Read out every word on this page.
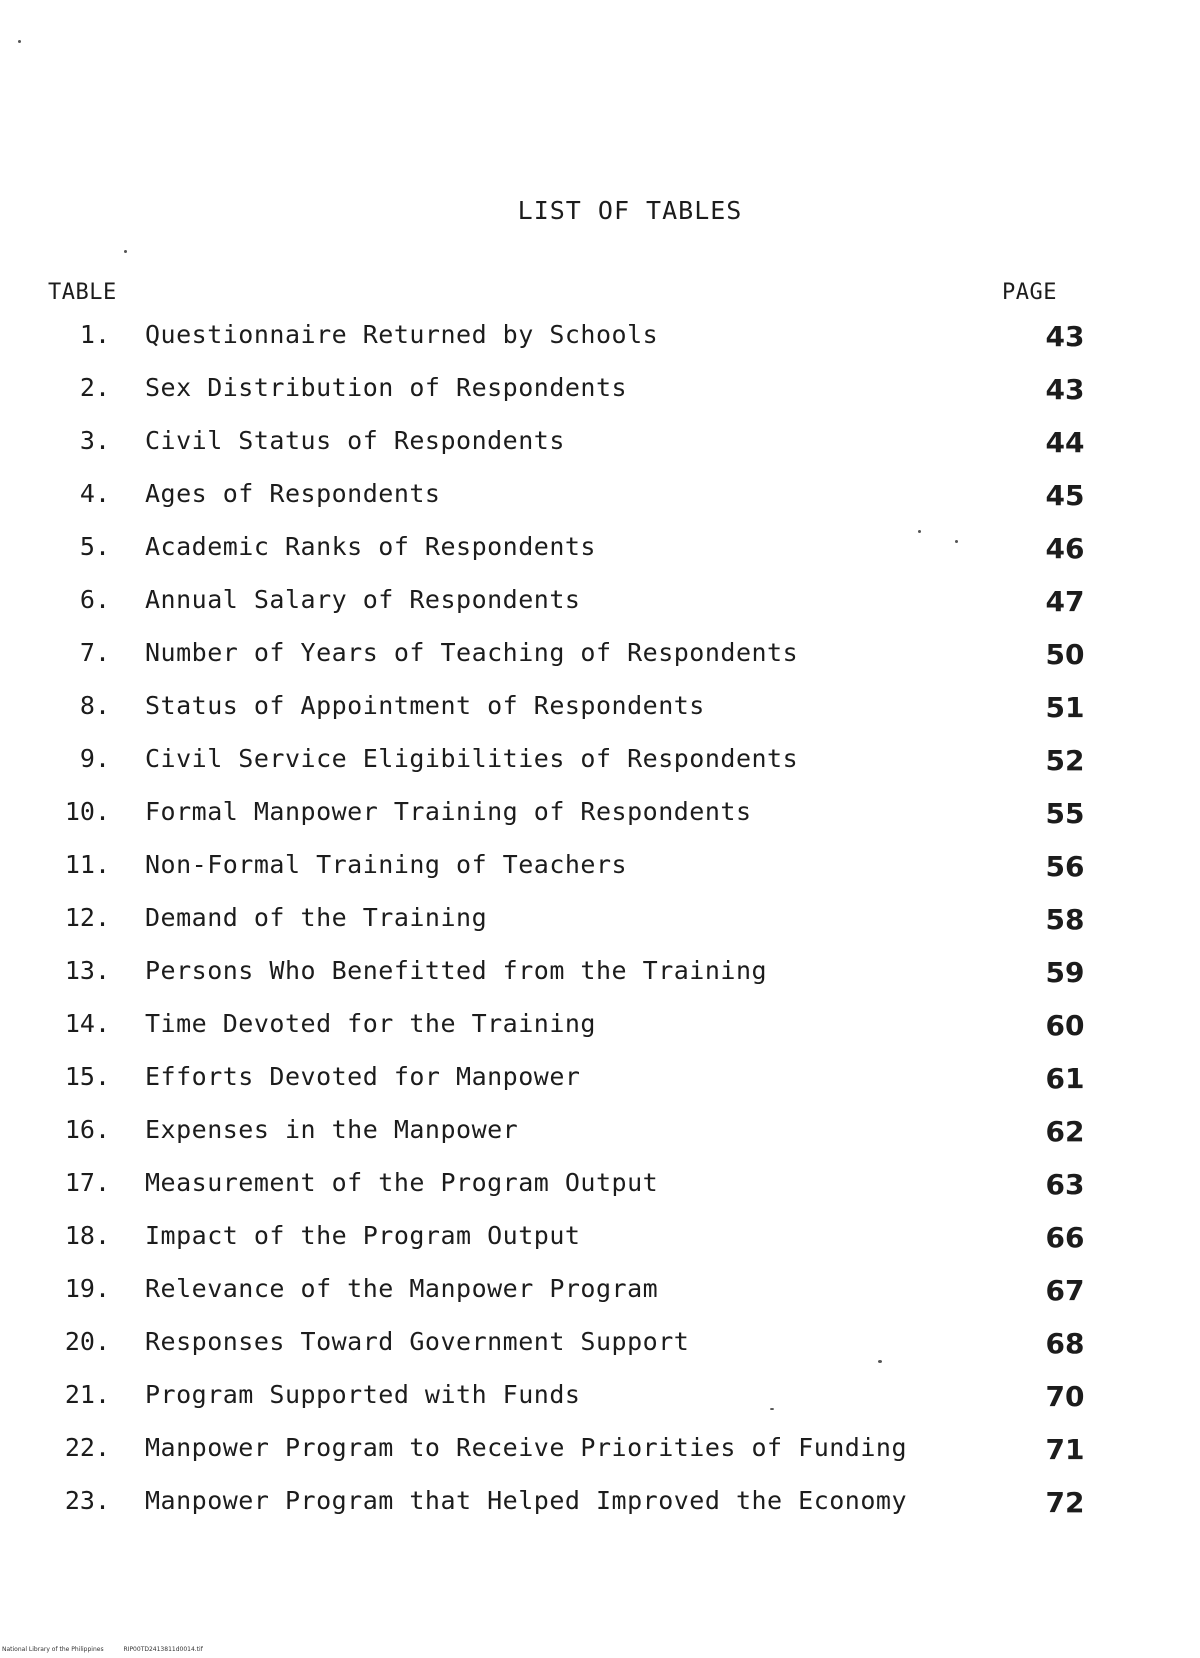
LIST OF TABLES
TABLE	PAGE
1. Questionnaire Returned by Schools	43
2. Sex Distribution of Respondents	43
3. Civil Status of Respondents	44
4. Ages of Respondents	45
5. Academic Ranks of Respondents	46
6. Annual Salary of Respondents	47
7. Number of Years of Teaching of Respondents	50
8. Status of Appointment of Respondents	51
9. Civil Service Eligibilities of Respondents	52
10. Formal Manpower Training of Respondents	55
11. Non-Formal Training of Teachers	56
12. Demand of the Training	58
13. Persons Who Benefitted from the Training	59
14. Time Devoted for the Training	60
15. Efforts Devoted for Manpower	61
16. Expenses in the Manpower	62
17. Measurement of the Program Output	63
18. Impact of the Program Output	66
19. Relevance of the Manpower Program	67
20. Responses Toward Government Support	68
21. Program Supported with Funds	70
22. Manpower Program to Receive Priorities of Funding	71
23. Manpower Program that Helped Improved the Economy	72
National Library of the Philippines	RIP00TD2413811d0014.tif
